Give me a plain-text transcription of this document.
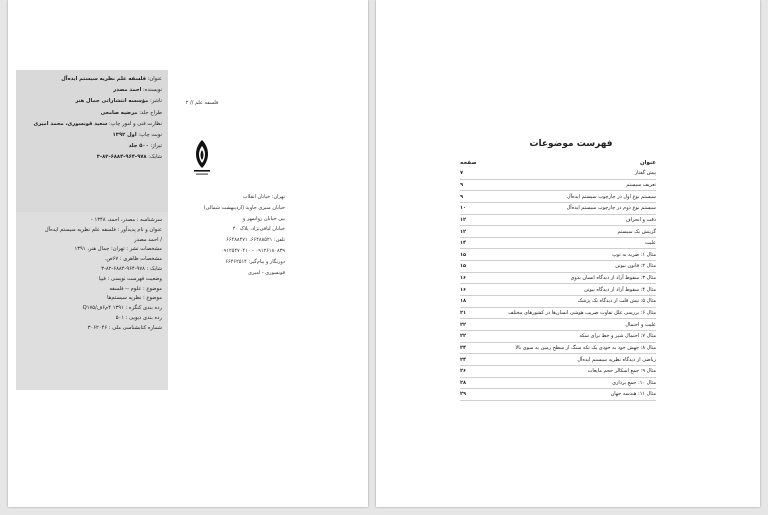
عنوان: فلسفه علم نظریه سیستم ایده‌آل
نویسنده: احمد مصدر
ناشر: مؤسسه انتشاراتی جمال هنر
طراح جلد: مرضیه صامعی
نظارت فنی و امور چاپ: سعید قونسوری، محمد امیری
نوبت چاپ: اول ۱۳۹۲
تیراژ: ۵۰۰ جلد
شابک: ۹۷۸-۹۶۴-۶۸۸۴-۸۲-۳
سرشناسه : مصدر، احمد، ۱۳۴۸ -
عنوان و نام پدیدآور : فلسفه علم نظریه سیستم ایده‌آل
/ احمد مصدر
مشخصات نشر : تهران: جمال هنر، ۱۳۹۱
مشخصات ظاهری : ۶۷ص.
شابک : ۹۷۸-۹۶۴-۶۸۸۴-۸۲-۳
وضعیت فهرست نویسی : فیپا
موضوع : علوم -- فلسفه
موضوع : نظریه سیستم‌ها
رده بندی کنگره : ۱۳۹۱ ۴م۶ف/Q۱۷۵
رده بندی دیویی : ۵۰۱
شماره کتابشناسی ملی : ۳۰۶۲۰۴۶
فلسفه علم // ۲
تهران: خیابان انقلاب
خیابان منیری جاوید (اردیبهشت شمالی)
بین خیابان روانمهر و
خیابان لبافی‌نژاد، پلاک ۴۰
تلفن: ۶۶۴۸۸۵۲۱، ۶۶۴۸۸۴۷۱
۰۹۱۲۶۱۸۰۸۳۹ - ۰۹۱۲۵۴۷۰۴۱۰
دورنگار و پیام‌گیر: ۶۶۴۶۲۵۱۴
قونسوری - امیری
فهرست موضوعات
عنوان
صفحه
پیش گفتار
۷
تعریف سیستم
۹
سیستم نوع اول در چارچوب سیستم ایده‌آل
۹
سیستم نوع دوم در چارچوب سیستم ایده‌آل
۱۰
دقت و انحراف
۱۲
گزینش یک سیستم
۱۲
علیت
۱۴
مثال ۱: ضربه به توپ
۱۵
مثال ۲: قانون نیوتن
۱۵
مثال ۳: سقوط آزاد از دیدگاه انسان بدوی
۱۶
مثال ۴: سقوط آزاد از دیدگاه نیوتن
۱۶
مثال ۵: تپش قلب از دیدگاه یک پزشک
۱۸
مثال ۶: بررسی علل تفاوت ضریب هوشی انسان‌ها در کشورهای مختلف
۲۱
علیت و احتمال
۲۲
مثال ۷: احتمال شیر و خط برای سکه
۲۲
مثال ۸: جهش خود به خودی یک تکه سنگ از سطح زمین به سوی بالا
۲۴
ریاضی از دیدگاه نظریه سیستم ایده‌آل
۲۴
مثال ۹: جمع اسکالر حجم مایعات
۲۶
مثال ۱۰: جمع برداری
۲۸
مثال ۱۱: هندسه جهان
۲۹
